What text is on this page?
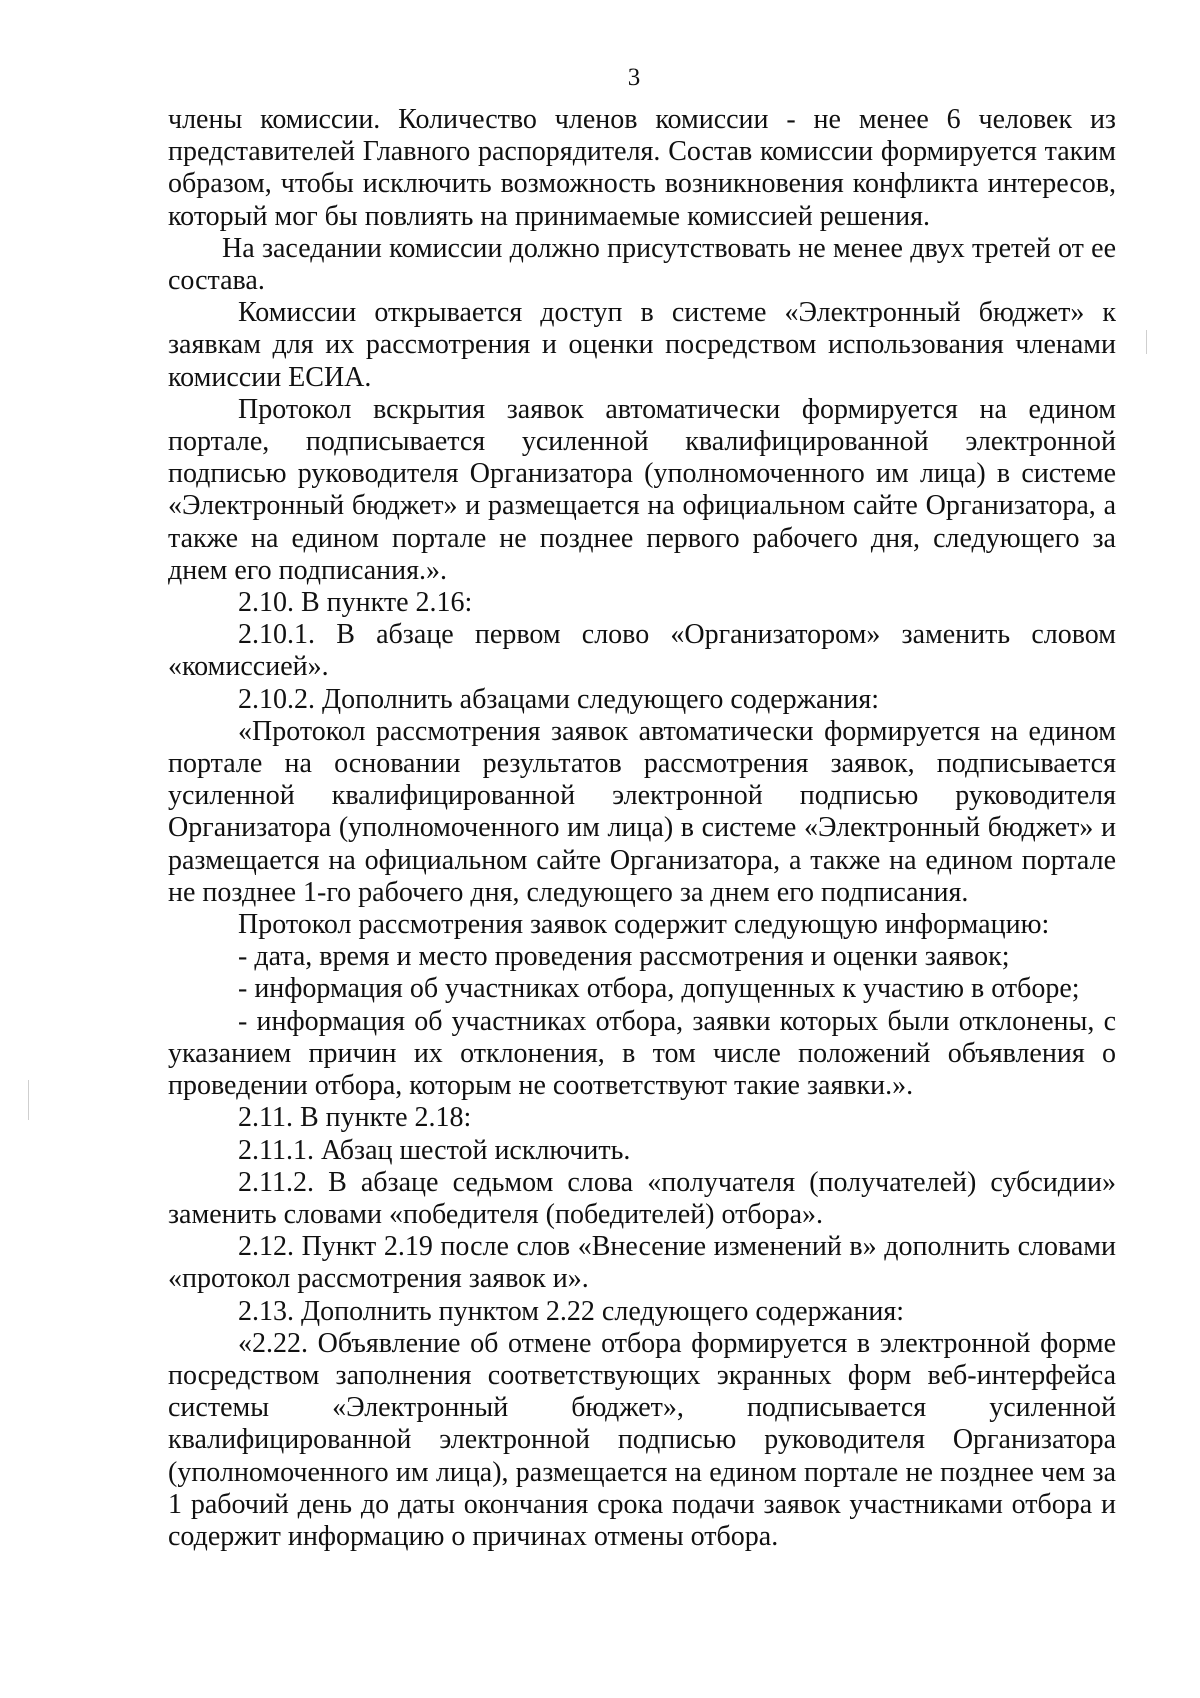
3

члены комиссии. Количество членов комиссии - не менее 6 человек из представителей Главного распорядителя. Состав комиссии формируется таким образом, чтобы исключить возможность возникновения конфликта интересов, который мог бы повлиять на принимаемые комиссией решения.

На заседании комиссии должно присутствовать не менее двух третей от ее состава.

Комиссии открывается доступ в системе «Электронный бюджет» к заявкам для их рассмотрения и оценки посредством использования членами комиссии ЕСИА.

Протокол вскрытия заявок автоматически формируется на едином портале, подписывается усиленной квалифицированной электронной подписью руководителя Организатора (уполномоченного им лица) в системе «Электронный бюджет» и размещается на официальном сайте Организатора, а также на едином портале не позднее первого рабочего дня, следующего за днем его подписания.».

2.10. В пункте 2.16:

2.10.1. В абзаце первом слово «Организатором» заменить словом «комиссией».

2.10.2. Дополнить абзацами следующего содержания:

«Протокол рассмотрения заявок автоматически формируется на едином портале на основании результатов рассмотрения заявок, подписывается усиленной квалифицированной электронной подписью руководителя Организатора (уполномоченного им лица) в системе «Электронный бюджет» и размещается на официальном сайте Организатора, а также на едином портале не позднее 1-го рабочего дня, следующего за днем его подписания.

Протокол рассмотрения заявок содержит следующую информацию:

- дата, время и место проведения рассмотрения и оценки заявок;

- информация об участниках отбора, допущенных к участию в отборе;

- информация об участниках отбора, заявки которых были отклонены, с указанием причин их отклонения, в том числе положений объявления о проведении отбора, которым не соответствуют такие заявки.».

2.11. В пункте 2.18:

2.11.1. Абзац шестой исключить.

2.11.2. В абзаце седьмом слова «получателя (получателей) субсидии» заменить словами «победителя (победителей) отбора».

2.12. Пункт 2.19 после слов «Внесение изменений в» дополнить словами «протокол рассмотрения заявок и».

2.13. Дополнить пунктом 2.22 следующего содержания:

«2.22. Объявление об отмене отбора формируется в электронной форме посредством заполнения соответствующих экранных форм веб-интерфейса системы «Электронный бюджет», подписывается усиленной квалифицированной электронной подписью руководителя Организатора (уполномоченного им лица), размещается на едином портале не позднее чем за 1 рабочий день до даты окончания срока подачи заявок участниками отбора и содержит информацию о причинах отмены отбора.
